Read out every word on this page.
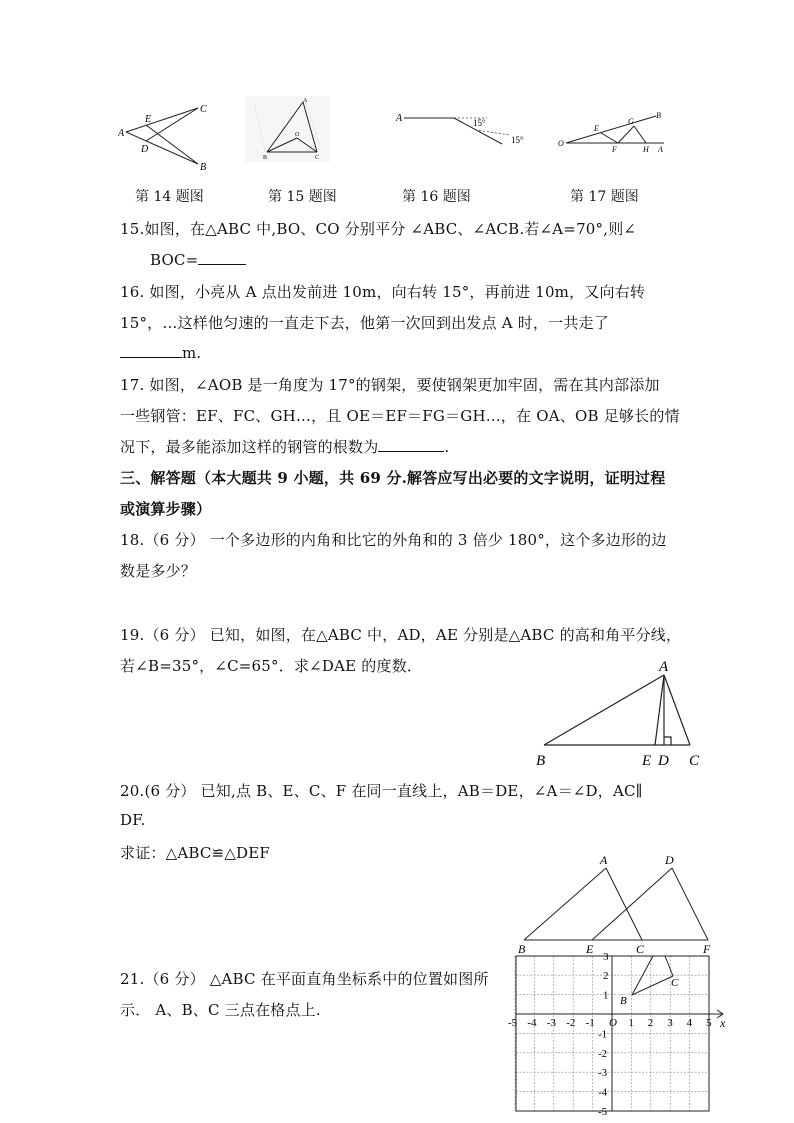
A
C
B
E
D
A
O
B	C
A	15°
15°	O
E
F
G
H A
B
第 14 题图	第 15 题图	第 16 题图	第 17 题图
15.如图，在△ABC 中,BO、CO 分别平分 ∠ABC、∠ACB.若∠A=70°,则∠
BOC=
16. 如图，小亮从 A 点出发前进 10m，向右转 15°，再前进 10m，又向右转
15°，…这样他匀速的一直走下去，他第一次回到出发点 A 时，一共走了
m.
17. 如图，∠AOB 是一角度为 17°的钢架，要使钢架更加牢固，需在其内部添加
一些钢管：EF、FC、GH…，且 OE＝EF＝FG＝GH…，在 OA、OB 足够长的情
况下，最多能添加这样的钢管的根数为	.
三、解答题（本大题共 9 小题，共 69 分.解答应写出必要的文字说明，证明过程
或演算步骤）
18.（6 分） 一个多边形的内角和比它的外角和的 3 倍少 180°，这个多边形的边
数是多少？
19.（6 分） 已知，如图，在△ABC 中，AD，AE 分别是△ABC 的高和角平分线，
若∠B=35°，∠C=65°．求∠DAE 的度数．	A
B	E D C
20.(6 分） 已知,点 B、E、C、F 在同一直线上，AB＝DE，∠A＝∠D，AC∥
DF.
求证：△ABC≌△DEF	A	D
B	E	C	F
21.（6 分） △ABC 在平面直角坐标系中的位置如图所
示． A、B、C 三点在格点上.
-5 -4 -3 -2 -1 O 1 2 3 4 5
3
2
1
-1
-2
-3
-4
-5
x
B
C
